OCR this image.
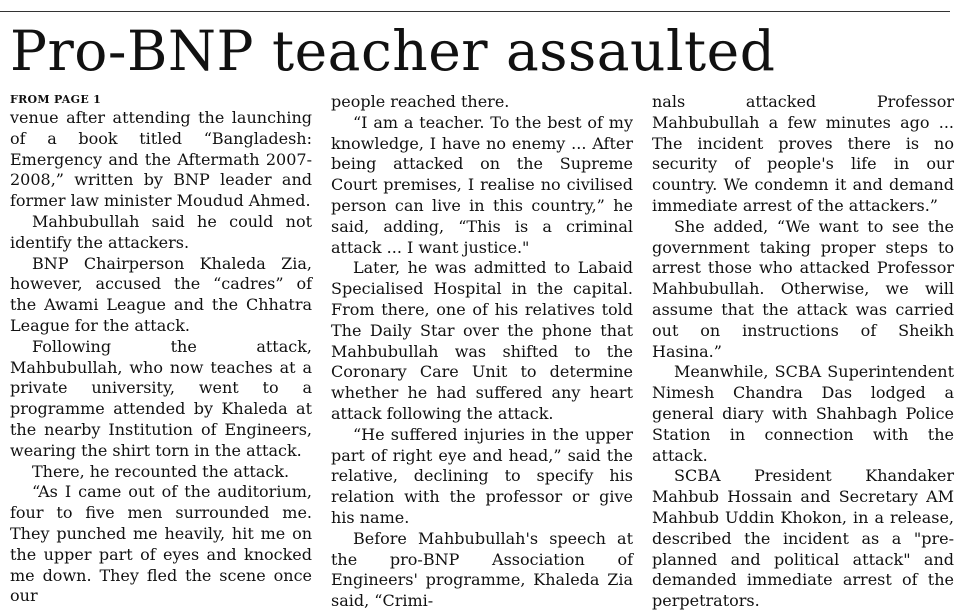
Pro-BNP teacher assaulted
FROM PAGE 1

venue after attending the launching of a book titled “Bangladesh: Emergency and the Aftermath 2007-2008,” written by BNP leader and former law minister Moudud Ahmed.

Mahbubullah said he could not identify the attackers.

BNP Chairperson Khaleda Zia, however, accused the “cadres” of the Awami League and the Chhatra League for the attack.

Following the attack, Mahbubullah, who now teaches at a private university, went to a programme attended by Khaleda at the nearby Institution of Engineers, wearing the shirt torn in the attack.

There, he recounted the attack.

“As I came out of the auditorium, four to five men surrounded me. They punched me heavily, hit me on the upper part of eyes and knocked me down. They fled the scene once our

people reached there.

“I am a teacher. To the best of my knowledge, I have no enemy ... After being attacked on the Supreme Court premises, I realise no civilised person can live in this country,” he said, adding, “This is a criminal attack ... I want justice."

Later, he was admitted to Labaid Specialised Hospital in the capital. From there, one of his relatives told The Daily Star over the phone that Mahbubullah was shifted to the Coronary Care Unit to determine whether he had suffered any heart attack following the attack.

“He suffered injuries in the upper part of right eye and head,” said the relative, declining to specify his relation with the professor or give his name.

Before Mahbubullah's speech at the pro-BNP Association of Engineers' programme, Khaleda Zia said, “Crimi-

nals attacked Professor Mahbubullah a few minutes ago ... The incident proves there is no security of people's life in our country. We condemn it and demand immediate arrest of the attackers.”

She added, “We want to see the government taking proper steps to arrest those who attacked Professor Mahbubullah. Otherwise, we will assume that the attack was carried out on instructions of Sheikh Hasina.”

Meanwhile, SCBA Superintendent Nimesh Chandra Das lodged a general diary with Shahbagh Police Station in connection with the attack.

SCBA President Khandaker Mahbub Hossain and Secretary AM Mahbub Uddin Khokon, in a release, described the incident as a "pre-planned and political attack" and demanded immediate arrest of the perpetrators.
